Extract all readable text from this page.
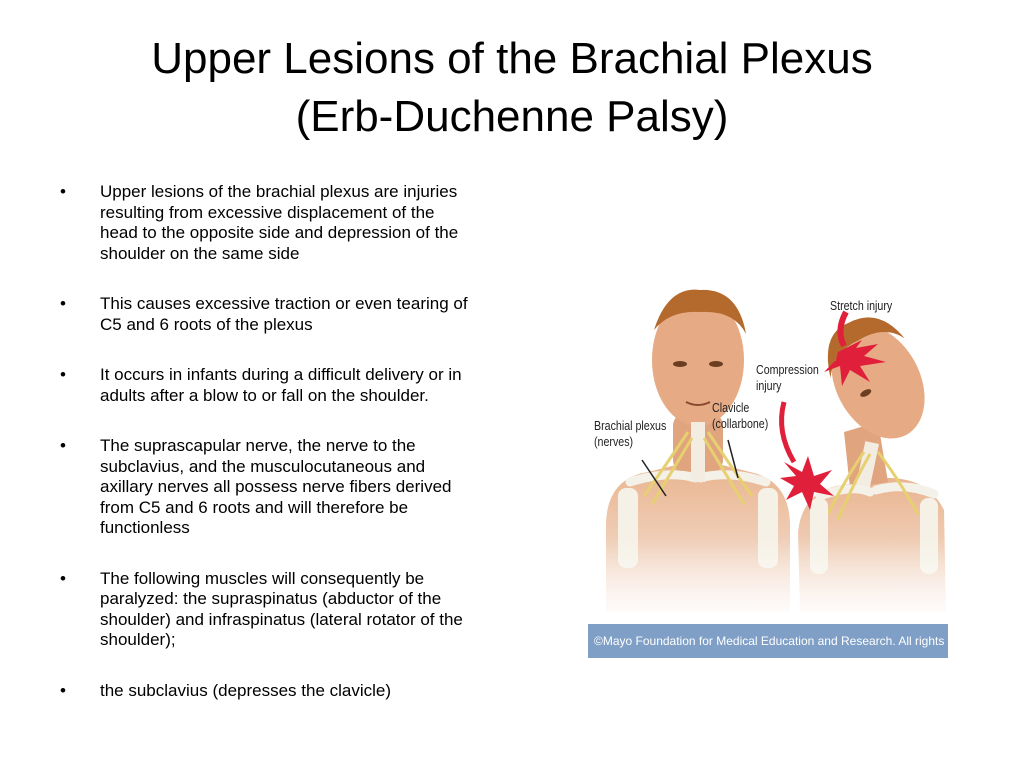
Upper Lesions of the Brachial Plexus
(Erb-Duchenne Palsy)
• Upper lesions of the brachial plexus are injuries resulting from excessive displacement of the head to the opposite side and depression of the shoulder on the same side
• This causes excessive traction or even tearing of C5 and 6 roots of the plexus
• It occurs in infants during a difficult delivery or in adults after a blow to or fall on the shoulder.
• The suprascapular nerve, the nerve to the subclavius, and the musculocutaneous and axillary nerves all possess nerve fibers derived from C5 and 6 roots and will therefore be functionless
• The following muscles will consequently be paralyzed: the supraspinatus (abductor of the shoulder) and infraspinatus (lateral rotator of the shoulder);
• the subclavius (depresses the clavicle)
Stretch injury
Compression
injury
Brachial plexus
(nerves)
Clavicle
(collarbone)
©Mayo Foundation for Medical Education and Research. All rights reserved.
